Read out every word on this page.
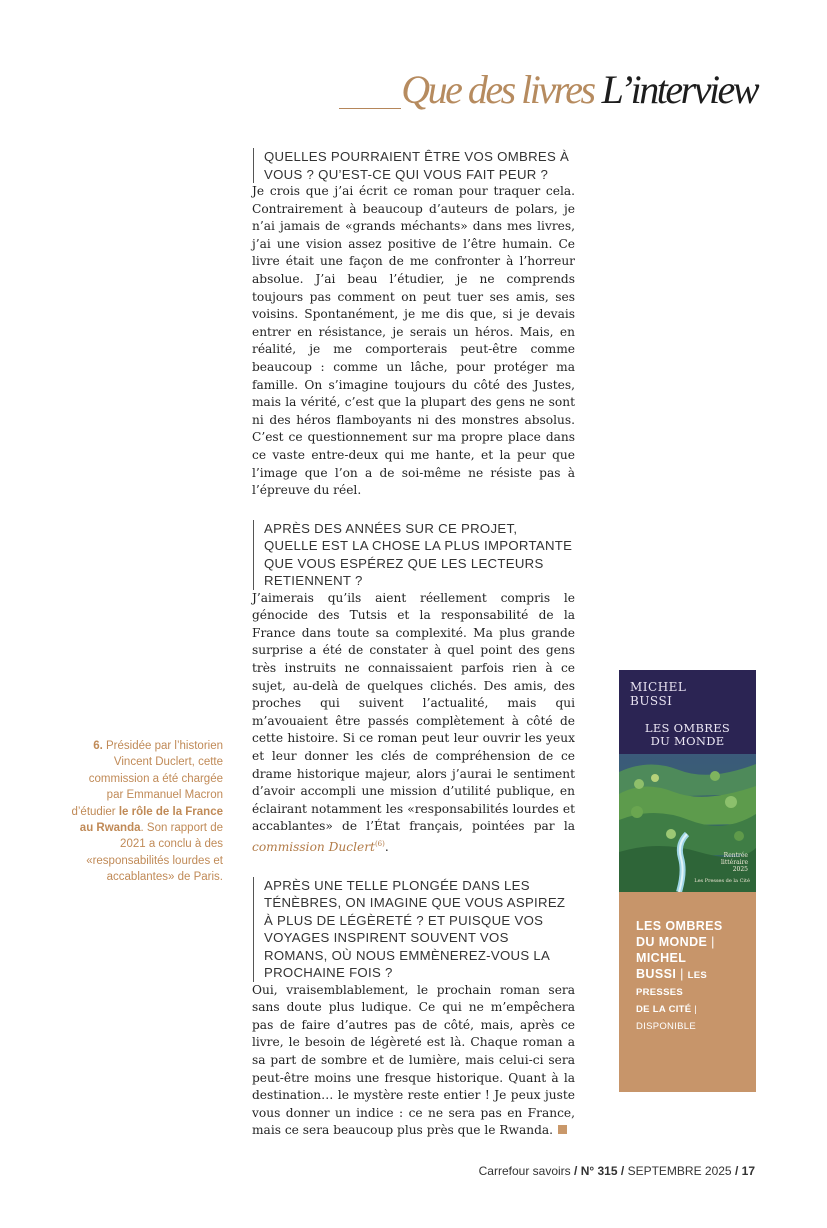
Que des livres L’interview
QUELLES POURRAIENT ÊTRE VOS OMBRES À VOUS ? QU’EST-CE QUI VOUS FAIT PEUR ?

Je crois que j’ai écrit ce roman pour traquer cela. Contrairement à beaucoup d’auteurs de polars, je n’ai jamais de «grands méchants» dans mes livres, j’ai une vision assez positive de l’être humain. Ce livre était une façon de me confronter à l’horreur absolue. J’ai beau l’étudier, je ne comprends toujours pas comment on peut tuer ses amis, ses voisins. Spontanément, je me dis que, si je devais entrer en résistance, je serais un héros. Mais, en réalité, je me comporterais peut-être comme beaucoup : comme un lâche, pour protéger ma famille. On s’imagine toujours du côté des Justes, mais la vérité, c’est que la plupart des gens ne sont ni des héros flamboyants ni des monstres absolus. C’est ce questionnement sur ma propre place dans ce vaste entre-deux qui me hante, et la peur que l’image que l’on a de soi-même ne résiste pas à l’épreuve du réel.

APRÈS DES ANNÉES SUR CE PROJET, QUELLE EST LA CHOSE LA PLUS IMPORTANTE QUE VOUS ESPÉREZ QUE LES LECTEURS RETIENNENT ?

J’aimerais qu’ils aient réellement compris le génocide des Tutsis et la responsabilité de la France dans toute sa complexité. Ma plus grande surprise a été de constater à quel point des gens très instruits ne connaissaient parfois rien à ce sujet, au-delà de quelques clichés. Des amis, des proches qui suivent l’actualité, mais qui m’avouaient être passés complètement à côté de cette histoire. Si ce roman peut leur ouvrir les yeux et leur donner les clés de compréhension de ce drame historique majeur, alors j’aurai le sentiment d’avoir accompli une mission d’utilité publique, en éclairant notamment les «responsabilités lourdes et accablantes» de l’État français, pointées par la commission Duclert$^{(6)}$.

APRÈS UNE TELLE PLONGÉE DANS LES TÉNÈBRES, ON IMAGINE QUE VOUS ASPIREZ À PLUS DE LÉGÈRETÉ ? ET PUISQUE VOS VOYAGES INSPIRENT SOUVENT VOS ROMANS, OÙ NOUS EMMÈNEREZ-VOUS LA PROCHAINE FOIS ?

Oui, vraisemblablement, le prochain roman sera sans doute plus ludique. Ce qui ne m’empêchera pas de faire d’autres pas de côté, mais, après ce livre, le besoin de légèreté est là. Chaque roman a sa part de sombre et de lumière, mais celui-ci sera peut-être moins une fresque historique. Quant à la destination… le mystère reste entier ! Je peux juste vous donner un indice : ce ne sera pas en France, mais ce sera beaucoup plus près que le Rwanda.

6. Présidée par l’historien Vincent Duclert, cette commission a été chargée par Emmanuel Macron d’étudier le rôle de la France au Rwanda. Son rapport de 2021 a conclu à des «responsabilités lourdes et accablantes» de Paris.
MICHEL
BUSSI
LES OMBRES
DU MONDE
Rentrée
littéraire
2025
Les Presses de la Cité
LES OMBRES
DU MONDE |
MICHEL
BUSSI | LES
PRESSES
DE LA CITÉ |
DISPONIBLE
Carrefour savoirs / N° 315 / SEPTEMBRE 2025 / 17
